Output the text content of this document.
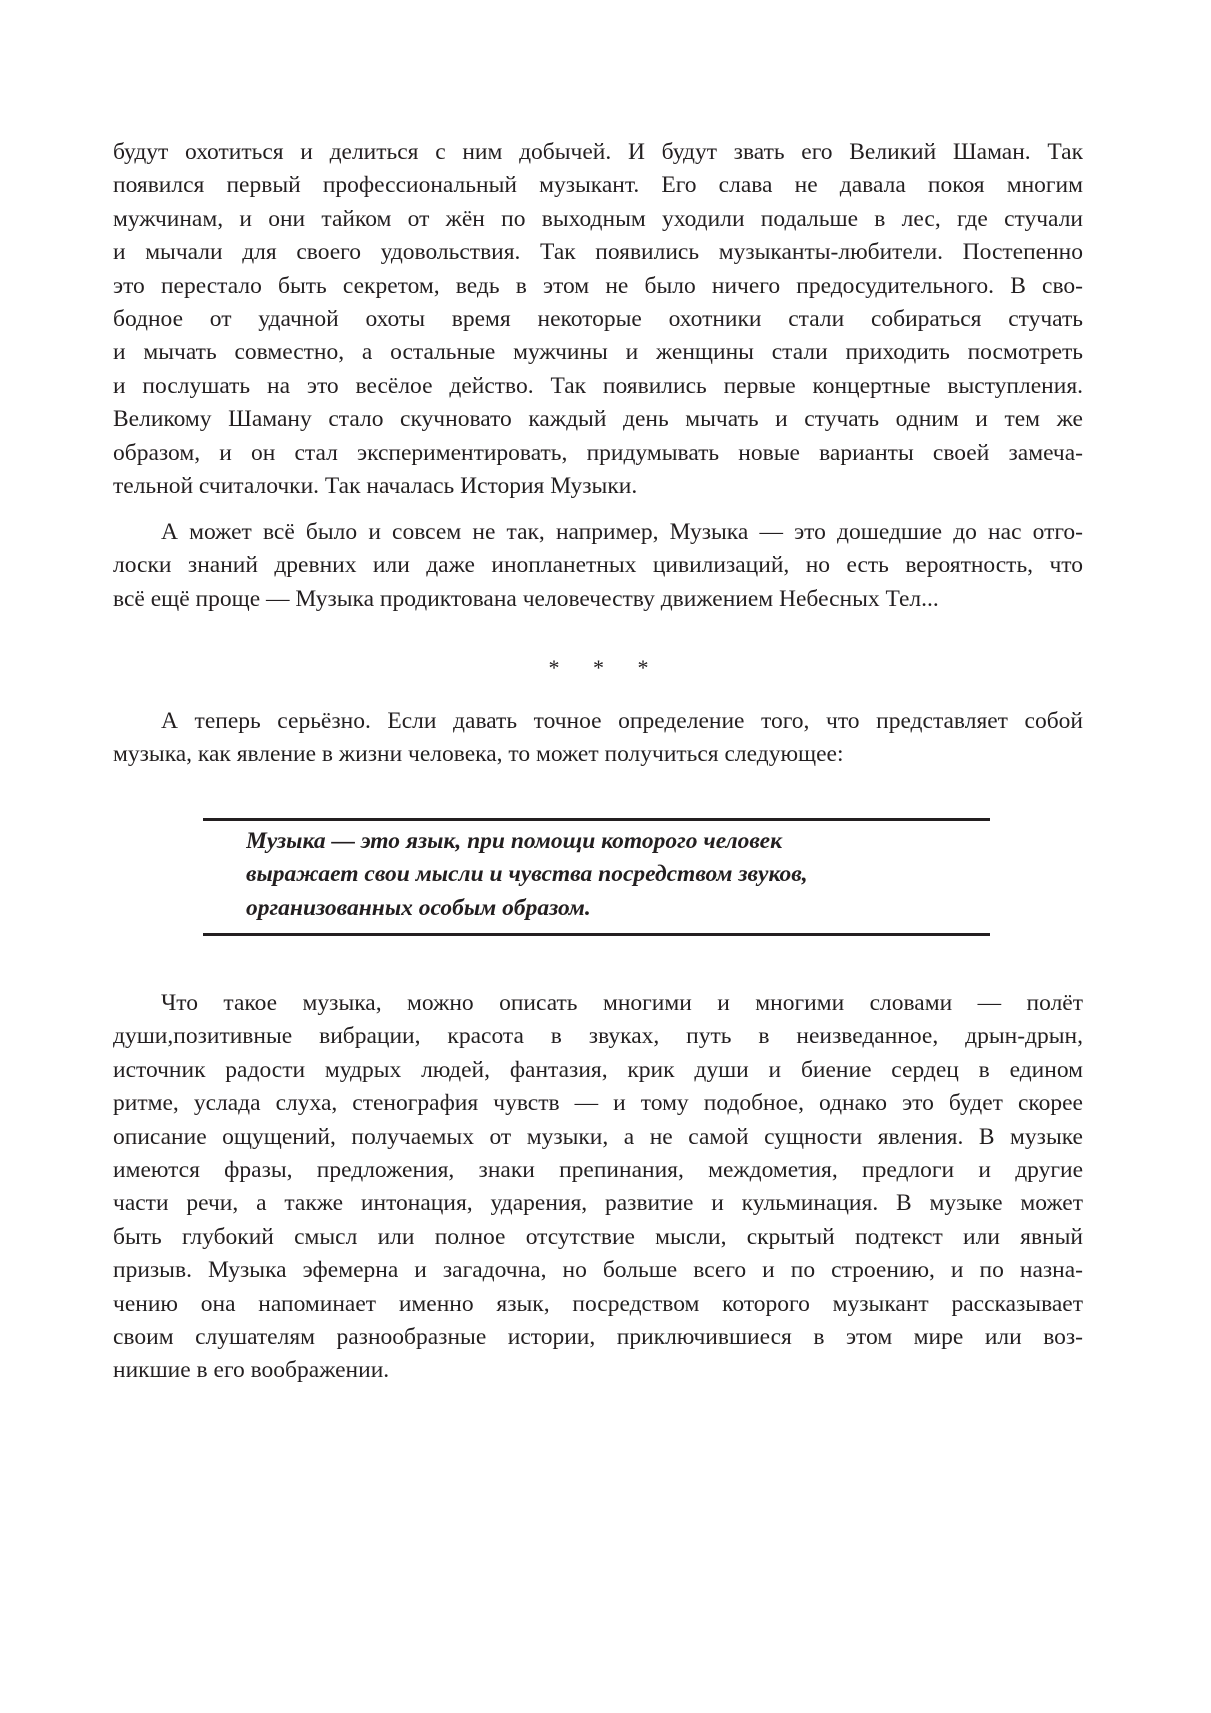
будут охотиться и делиться с ним добычей. И будут звать его Великий Шаман. Так
появился первый профессиональный музыкант. Его слава не давала покоя многим
мужчинам, и они тайком от жён по выходным уходили подальше в лес, где стучали
и мычали для своего удовольствия. Так появились музыканты-любители. Постепенно
это перестало быть секретом, ведь в этом не было ничего предосудительного. В сво-
бодное от удачной охоты время некоторые охотники стали собираться стучать
и мычать совместно, а остальные мужчины и женщины стали приходить посмотреть
и послушать на это весёлое действо. Так появились первые концертные выступления.
Великому Шаману стало скучновато каждый день мычать и стучать одним и тем же
образом, и он стал экспериментировать, придумывать новые варианты своей замеча-
тельной считалочки. Так началась История Музыки.
А может всё было и совсем не так, например, Музыка — это дошедшие до нас отго-
лоски знаний древних или даже инопланетных цивилизаций, но есть вероятность, что
всё ещё проще — Музыка продиктована человечеству движением Небесных Тел...
* * *
А теперь серьёзно. Если давать точное определение того, что представляет собой
музыка, как явление в жизни человека, то может получиться следующее:
Музыка — это язык, при помощи которого человек
выражает свои мысли и чувства посредством звуков,
организованных особым образом.
Что такое музыка, можно описать многими и многими словами — полёт
души,позитивные вибрации, красота в звуках, путь в неизведанное, дрын-дрын,
источник радости мудрых людей, фантазия, крик души и биение сердец в едином
ритме, услада слуха, стенография чувств — и тому подобное, однако это будет скорее
описание ощущений, получаемых от музыки, а не самой сущности явления. В музыке
имеются фразы, предложения, знаки препинания, междометия, предлоги и другие
части речи, а также интонация, ударения, развитие и кульминация. В музыке может
быть глубокий смысл или полное отсутствие мысли, скрытый подтекст или явный
призыв. Музыка эфемерна и загадочна, но больше всего и по строению, и по назна-
чению она напоминает именно язык, посредством которого музыкант рассказывает
своим слушателям разнообразные истории, приключившиеся в этом мире или воз-
никшие в его воображении.
